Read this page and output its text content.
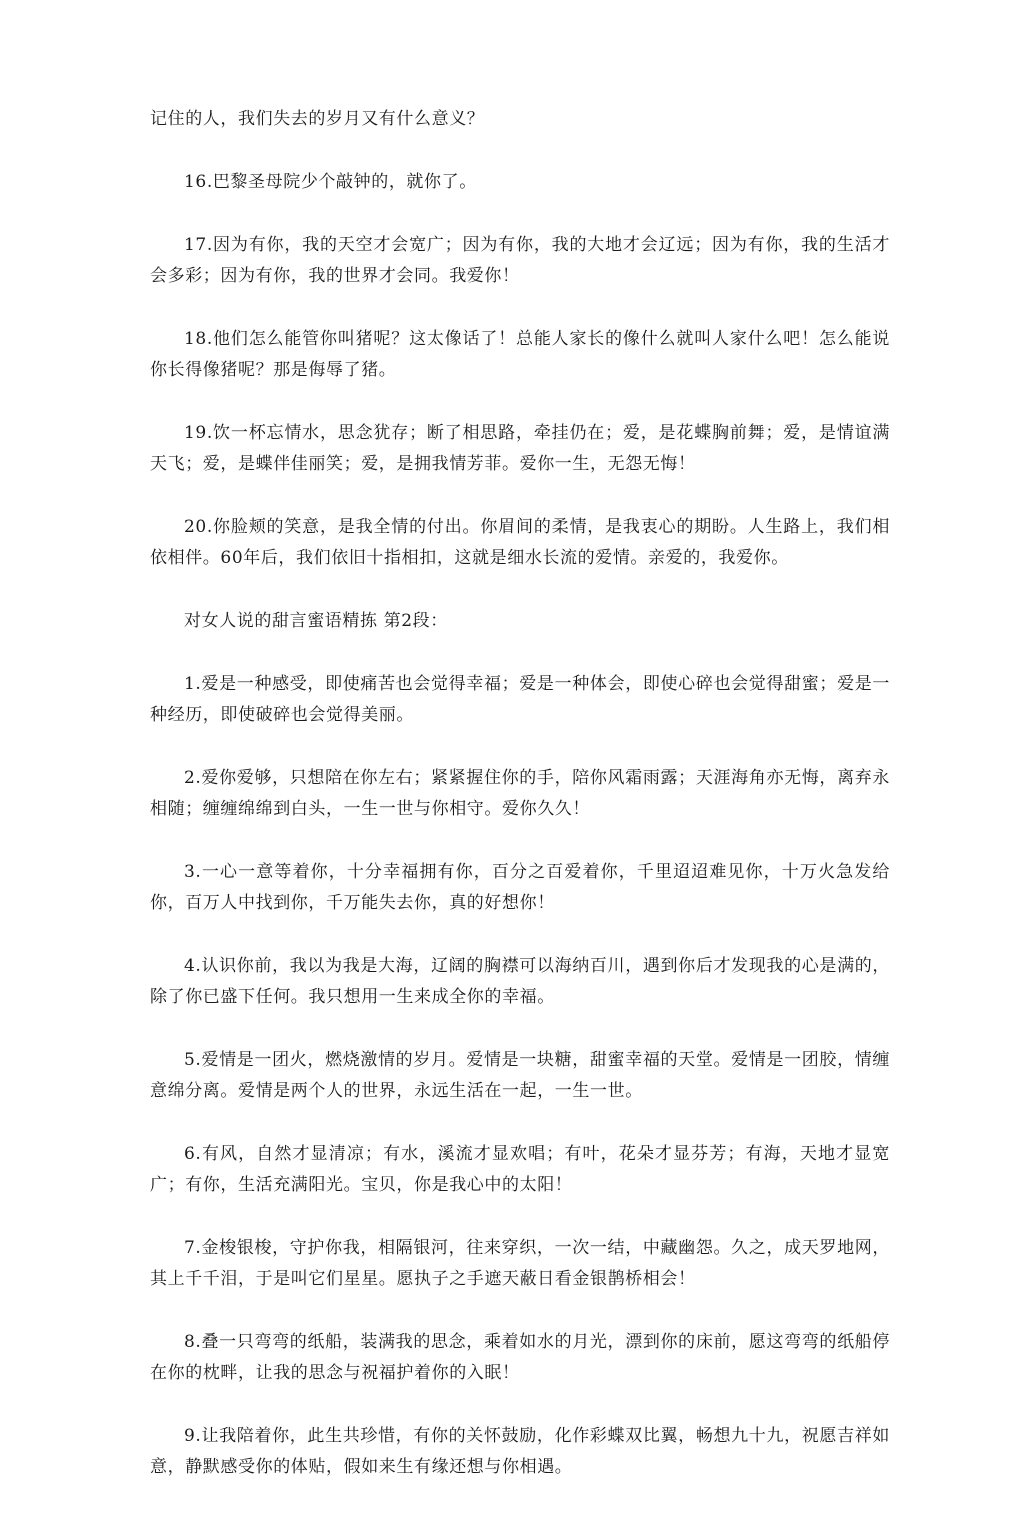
记住的人，我们失去的岁月又有什么意义？

16.巴黎圣母院少个敲钟的，就你了。

17.因为有你，我的天空才会宽广；因为有你，我的大地才会辽远；因为有你，我的生活才会多彩；因为有你，我的世界才会同。我爱你！

18.他们怎么能管你叫猪呢？这太像话了！总能人家长的像什么就叫人家什么吧！怎么能说你长得像猪呢？那是侮辱了猪。

19.饮一杯忘情水，思念犹存；断了相思路，牵挂仍在；爱，是花蝶胸前舞；爱，是情谊满天飞；爱，是蝶伴佳丽笑；爱，是拥我情芳菲。爱你一生，无怨无悔！

20.你脸颊的笑意，是我全情的付出。你眉间的柔情，是我衷心的期盼。人生路上，我们相依相伴。60年后，我们依旧十指相扣，这就是细水长流的爱情。亲爱的，我爱你。

对女人说的甜言蜜语精拣 第2段：

1.爱是一种感受，即使痛苦也会觉得幸福；爱是一种体会，即使心碎也会觉得甜蜜；爱是一种经历，即使破碎也会觉得美丽。

2.爱你爱够，只想陪在你左右；紧紧握住你的手，陪你风霜雨露；天涯海角亦无悔，离弃永相随；缠缠绵绵到白头，一生一世与你相守。爱你久久！

3.一心一意等着你，十分幸福拥有你，百分之百爱着你，千里迢迢难见你，十万火急发给你，百万人中找到你，千万能失去你，真的好想你！

4.认识你前，我以为我是大海，辽阔的胸襟可以海纳百川，遇到你后才发现我的心是满的，除了你已盛下任何。我只想用一生来成全你的幸福。

5.爱情是一团火，燃烧激情的岁月。爱情是一块糖，甜蜜幸福的天堂。爱情是一团胶，情缠意绵分离。爱情是两个人的世界，永远生活在一起，一生一世。

6.有风，自然才显清凉；有水，溪流才显欢唱；有叶，花朵才显芬芳；有海，天地才显宽广；有你，生活充满阳光。宝贝，你是我心中的太阳！

7.金梭银梭，守护你我，相隔银河，往来穿织，一次一结，中藏幽怨。久之，成天罗地网，其上千千泪，于是叫它们星星。愿执子之手遮天蔽日看金银鹊桥相会！

8.叠一只弯弯的纸船，装满我的思念，乘着如水的月光，漂到你的床前，愿这弯弯的纸船停在你的枕畔，让我的思念与祝福护着你的入眠！

9.让我陪着你，此生共珍惜，有你的关怀鼓励，化作彩蝶双比翼，畅想九十九，祝愿吉祥如意，静默感受你的体贴，假如来生有缘还想与你相遇。
